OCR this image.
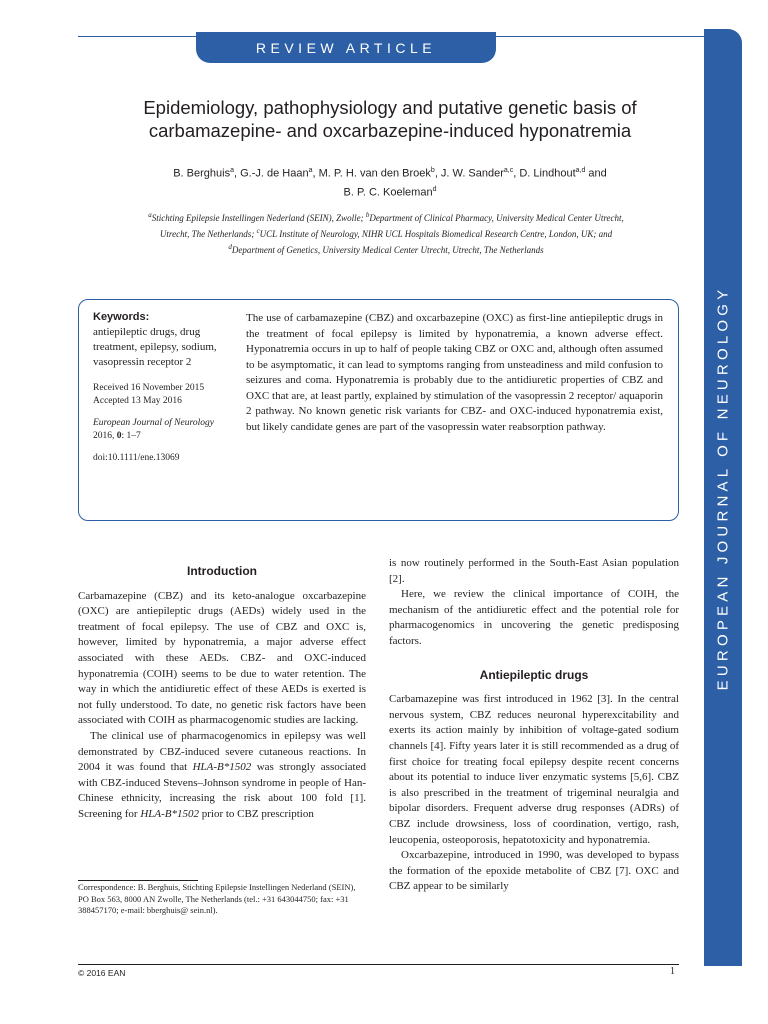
REVIEW ARTICLE
EUROPEAN JOURNAL OF NEUROLOGY
Epidemiology, pathophysiology and putative genetic basis of
carbamazepine- and oxcarbazepine-induced hyponatremia
B. Berghuis$^a$, G.-J. de Haan$^a$, M. P. H. van den Broek$^b$, J. W. Sander$^{a,c}$, D. Lindhout$^{a,d}$ and
B. P. C. Koeleman$^d$
$^a$Stichting Epilepsie Instellingen Nederland (SEIN), Zwolle; $^b$Department of Clinical Pharmacy, University Medical Center Utrecht,
Utrecht, The Netherlands; $^c$UCL Institute of Neurology, NIHR UCL Hospitals Biomedical Research Centre, London, UK; and
$^d$Department of Genetics, University Medical Center Utrecht, Utrecht, The Netherlands
Keywords:
antiepileptic drugs, drug treatment, epilepsy, sodium, vasopressin receptor 2
Received 16 November 2015
Accepted 13 May 2016
European Journal of Neurology 2016, 0: 1–7
doi:10.1111/ene.13069
The use of carbamazepine (CBZ) and oxcarbazepine (OXC) as first-line antiepileptic drugs in the treatment of focal epilepsy is limited by hyponatremia, a known adverse effect. Hyponatremia occurs in up to half of people taking CBZ or OXC and, although often assumed to be asymptomatic, it can lead to symptoms ranging from unsteadiness and mild confusion to seizures and coma. Hyponatremia is probably due to the antidiuretic properties of CBZ and OXC that are, at least partly, explained by stimulation of the vasopressin 2 receptor/ aquaporin 2 pathway. No known genetic risk variants for CBZ- and OXC-induced hyponatremia exist, but likely candidate genes are part of the vasopressin water reabsorption pathway.

Introduction

Carbamazepine (CBZ) and its keto-analogue oxcarbazepine (OXC) are antiepileptic drugs (AEDs) widely used in the treatment of focal epilepsy. The use of CBZ and OXC is, however, limited by hyponatremia, a major adverse effect associated with these AEDs. CBZ- and OXC-induced hyponatremia (COIH) seems to be due to water retention. The way in which the antidiuretic effect of these AEDs is exerted is not fully understood. To date, no genetic risk factors have been associated with COIH as pharmacogenomic studies are lacking.

The clinical use of pharmacogenomics in epilepsy was well demonstrated by CBZ-induced severe cutaneous reactions. In 2004 it was found that HLA-B*1502 was strongly associated with CBZ-induced Stevens–Johnson syndrome in people of Han-Chinese ethnicity, increasing the risk about 100 fold [1]. Screening for HLA-B*1502 prior to CBZ prescription

is now routinely performed in the South-East Asian population [2].

Here, we review the clinical importance of COIH, the mechanism of the antidiuretic effect and the potential role for pharmacogenomics in uncovering the genetic predisposing factors.

Antiepileptic drugs

Carbamazepine was first introduced in 1962 [3]. In the central nervous system, CBZ reduces neuronal hyperexcitability and exerts its action mainly by inhibition of voltage-gated sodium channels [4]. Fifty years later it is still recommended as a drug of first choice for treating focal epilepsy despite recent concerns about its potential to induce liver enzymatic systems [5,6]. CBZ is also prescribed in the treatment of trigeminal neuralgia and bipolar disorders. Frequent adverse drug responses (ADRs) of CBZ include drowsiness, loss of coordination, vertigo, rash, leucopenia, osteoporosis, hepatotoxicity and hyponatremia.

Oxcarbazepine, introduced in 1990, was developed to bypass the formation of the epoxide metabolite of CBZ [7]. OXC and CBZ appear to be similarly

Correspondence: B. Berghuis, Stichting Epilepsie Instellingen Nederland (SEIN), PO Box 563, 8000 AN Zwolle, The Netherlands (tel.: +31 643044750; fax: +31 388457170; e-mail: bberghuis@ sein.nl).
© 2016 EAN	1
